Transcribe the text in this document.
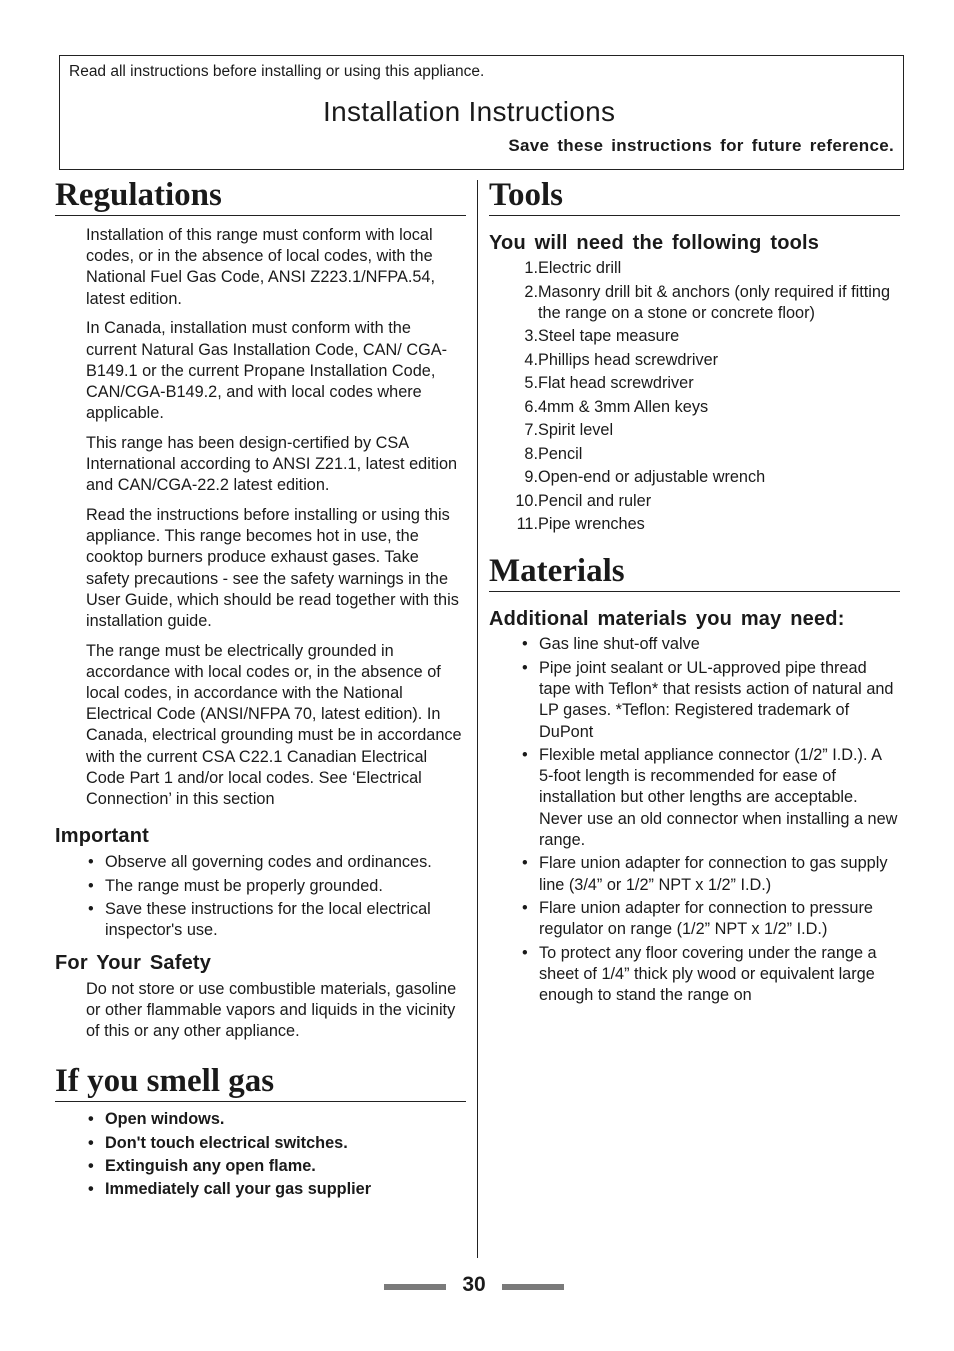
Read all instructions before installing or using this appliance.
Installation Instructions
Save these instructions for future reference.
Regulations

Installation of this range must conform with local codes, or in the absence of local codes, with the National Fuel Gas Code, ANSI Z223.1/NFPA.54, latest edition.

In Canada, installation must conform with the current Natural Gas Installation Code, CAN/ CGA-B149.1 or the current Propane Installation Code, CAN/CGA-B149.2, and with local codes where applicable.

This range has been design-certified by CSA International according to ANSI Z21.1, latest edition and CAN/CGA-22.2 latest edition.

Read the instructions before installing or using this appliance. This range becomes hot in use, the cooktop burners produce exhaust gases. Take safety precautions - see the safety warnings in the User Guide, which should be read together with this installation guide.

The range must be electrically grounded in accordance with local codes or, in the absence of local codes, in accordance with the National Electrical Code (ANSI/NFPA 70, latest edition). In Canada, electrical grounding must be in accordance with the current CSA C22.1 Canadian Electrical Code Part 1 and/or local codes. See ‘Electrical Connection’ in this section

Important
• Observe all governing codes and ordinances.
• The range must be properly grounded.
• Save these instructions for the local electrical inspector's use.
For Your Safety

Do not store or use combustible materials, gasoline or other flammable vapors and liquids in the vicinity of this or any other appliance.

If you smell gas
• Open windows.
• Don't touch electrical switches.
• Extinguish any open flame.
• Immediately call your gas supplier
Tools
You will need the following tools
1. Electric drill
2. Masonry drill bit & anchors (only required if fitting the range on a stone or concrete floor)
3. Steel tape measure
4. Phillips head screwdriver
5. Flat head screwdriver
6. 4mm & 3mm Allen keys
7. Spirit level
8. Pencil
9. Open-end or adjustable wrench
10. Pencil and ruler
11. Pipe wrenches
Materials
Additional materials you may need:
• Gas line shut-off valve
• Pipe joint sealant or UL-approved pipe thread tape with Teflon* that resists action of natural and LP gases. *Teflon: Registered trademark of DuPont
• Flexible metal appliance connector (1/2” I.D.). A 5-foot length is recommended for ease of installation but other lengths are acceptable. Never use an old connector when installing a new range.
• Flare union adapter for connection to gas supply line (3/4” or 1/2” NPT x 1/2” I.D.)
• Flare union adapter for connection to pressure regulator on range (1/2” NPT x 1/2” I.D.)
• To protect any floor covering under the range a sheet of 1/4” thick ply wood or equivalent large enough to stand the range on
30
